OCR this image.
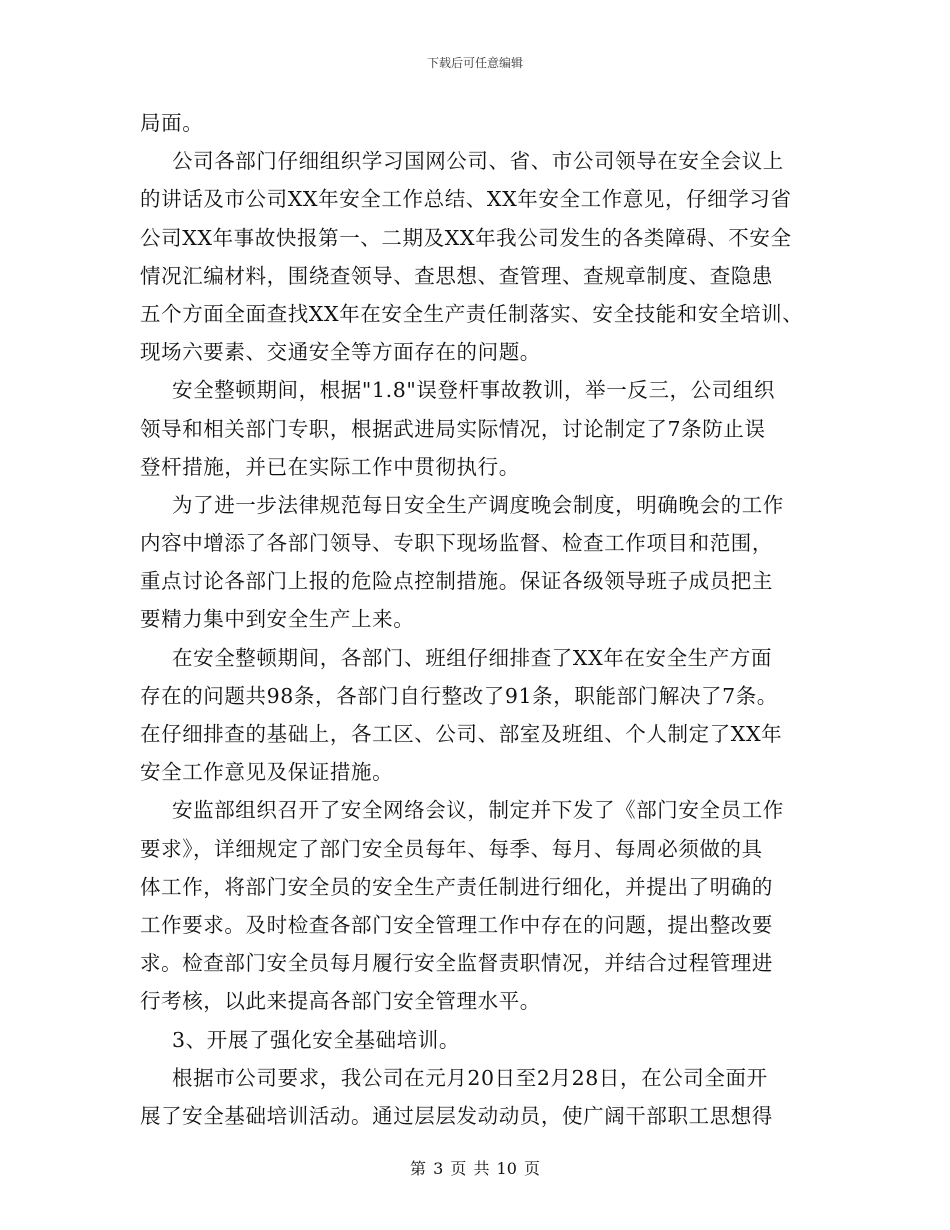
下载后可任意编辑
局面。
公司各部门仔细组织学习国网公司、省、市公司领导在安全会议上
的讲话及市公司XX年安全工作总结、XX年安全工作意见，仔细学习省
公司XX年事故快报第一、二期及XX年我公司发生的各类障碍、不安全
情况汇编材料，围绕查领导、查思想、查管理、查规章制度、查隐患
五个方面全面查找XX年在安全生产责任制落实、安全技能和安全培训、
现场六要素、交通安全等方面存在的问题。
安全整顿期间，根据"1.8"误登杆事故教训，举一反三，公司组织
领导和相关部门专职，根据武进局实际情况，讨论制定了7条防止误
登杆措施，并已在实际工作中贯彻执行。
为了进一步法律规范每日安全生产调度晚会制度，明确晚会的工作
内容中增添了各部门领导、专职下现场监督、检查工作项目和范围，
重点讨论各部门上报的危险点控制措施。保证各级领导班子成员把主
要精力集中到安全生产上来。
在安全整顿期间，各部门、班组仔细排查了XX年在安全生产方面
存在的问题共98条，各部门自行整改了91条，职能部门解决了7条。
在仔细排查的基础上，各工区、公司、部室及班组、个人制定了XX年
安全工作意见及保证措施。
安监部组织召开了安全网络会议，制定并下发了《部门安全员工作
要求》，详细规定了部门安全员每年、每季、每月、每周必须做的具
体工作，将部门安全员的安全生产责任制进行细化，并提出了明确的
工作要求。及时检查各部门安全管理工作中存在的问题，提出整改要
求。检查部门安全员每月履行安全监督责职情况，并结合过程管理进
行考核，以此来提高各部门安全管理水平。
3、开展了强化安全基础培训。
根据市公司要求，我公司在元月20日至2月28日，在公司全面开
展了安全基础培训活动。通过层层发动动员，使广阔干部职工思想得
第 3 页 共 10 页
